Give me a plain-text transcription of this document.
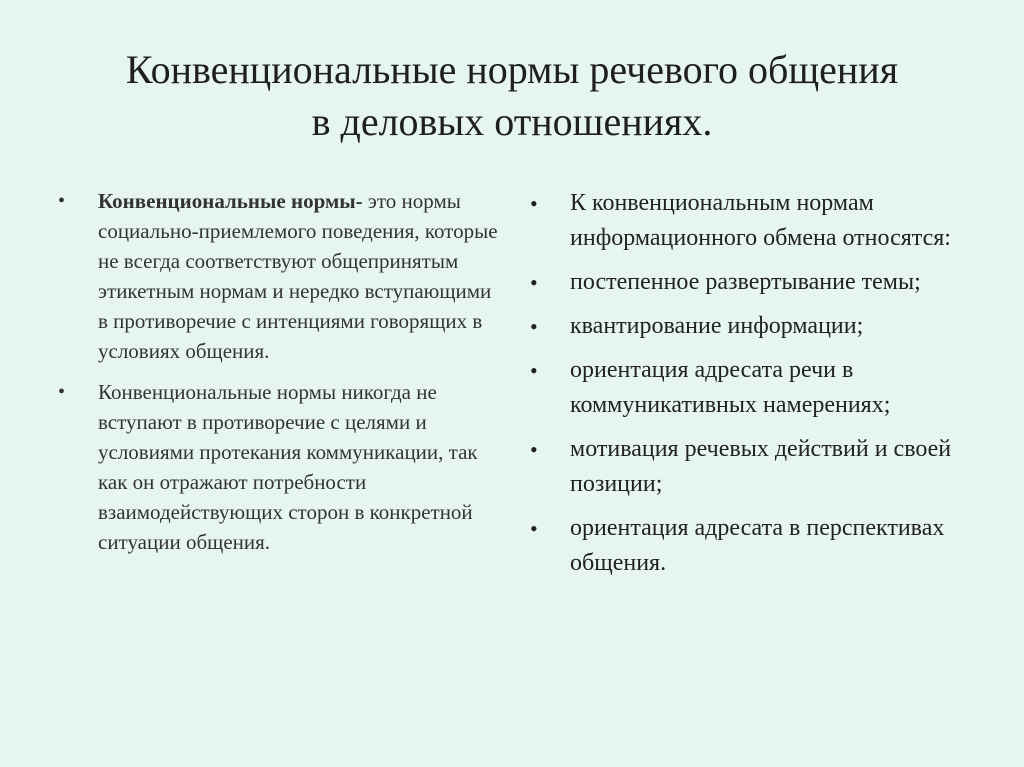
Конвенциональные нормы речевого общения
в деловых отношениях.
• Конвенциональные нормы- это нормы социально-приемлемого поведения, которые не всегда соответствуют общепринятым этикетным нормам и нередко вступающими в противоречие с интенциями говорящих в условиях общения.
• Конвенциональные нормы никогда не вступают в противоречие с целями и условиями протекания коммуникации, так как он отражают потребности взаимодействующих сторон в конкретной ситуации общения.
• К конвенциональным нормам информационного обмена относятся:
• постепенное развертывание темы;
• квантирование информации;
• ориентация адресата речи в коммуникативных намерениях;
• мотивация речевых действий и своей позиции;
• ориентация адресата в перспективах общения.
